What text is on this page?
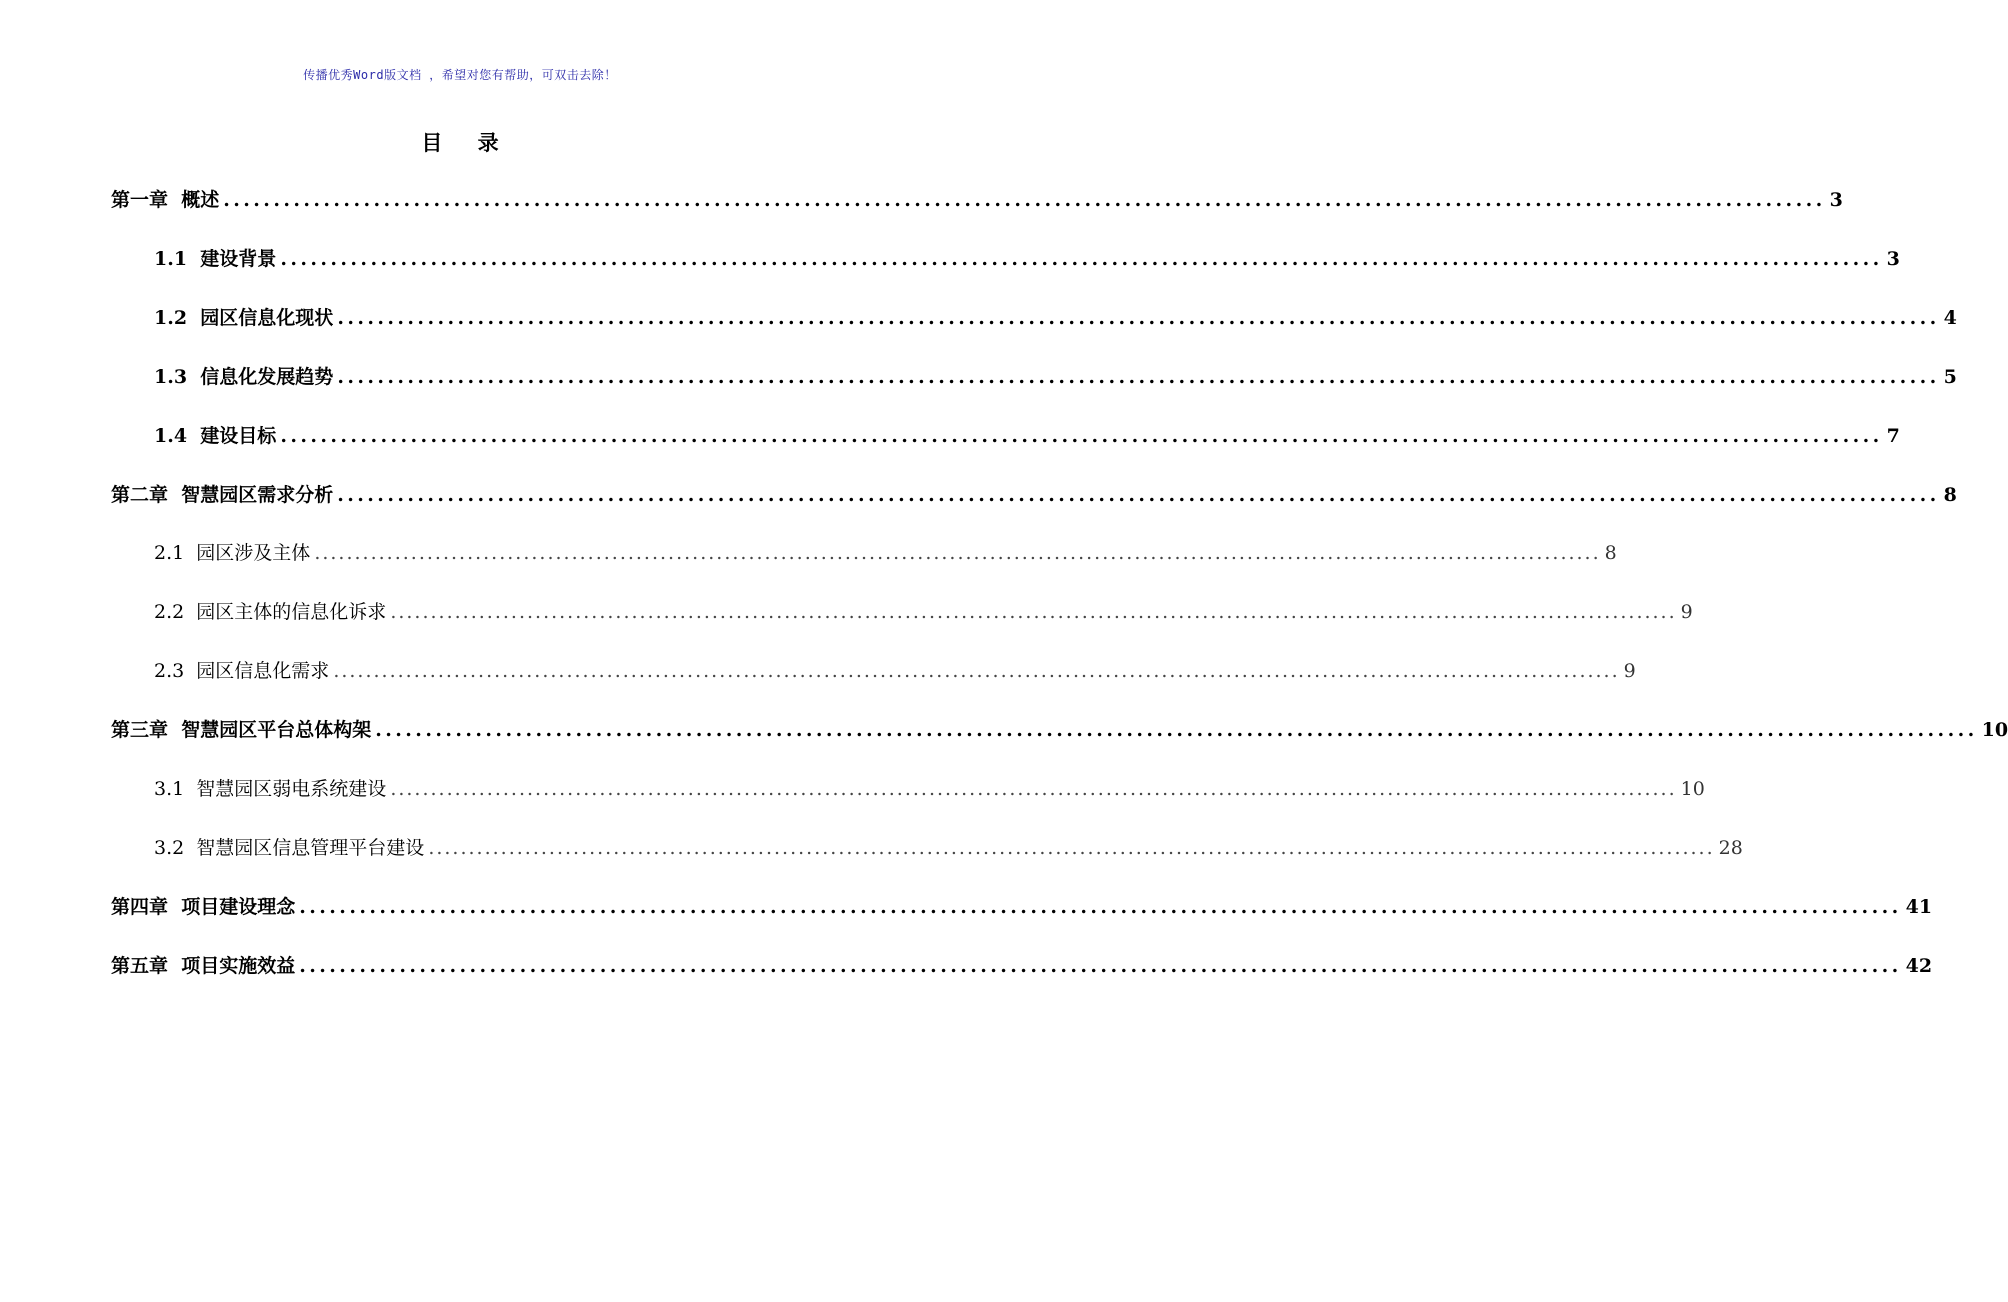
传播优秀Word版文档 ，希望对您有帮助，可双击去除！
目 录
第一章 概述 ................................................................................................................................................................ 3
1.1 建设背景 ................................................................................................................................................................ 3
1.2 园区信息化现状 ................................................................................................................................................................ 4
1.3 信息化发展趋势 ................................................................................................................................................................ 5
1.4 建设目标 ................................................................................................................................................................ 7
第二章 智慧园区需求分析 ................................................................................................................................................................ 8
2.1 园区涉及主体 ................................................................................................................................................................ 8
2.2 园区主体的信息化诉求 ................................................................................................................................................................ 9
2.3 园区信息化需求 ................................................................................................................................................................ 9
第三章 智慧园区平台总体构架 ................................................................................................................................................................ 10
3.1 智慧园区弱电系统建设 ................................................................................................................................................................ 10
3.2 智慧园区信息管理平台建设 ................................................................................................................................................................ 28
第四章 项目建设理念 ................................................................................................................................................................ 41
第五章 项目实施效益 ................................................................................................................................................................ 42
